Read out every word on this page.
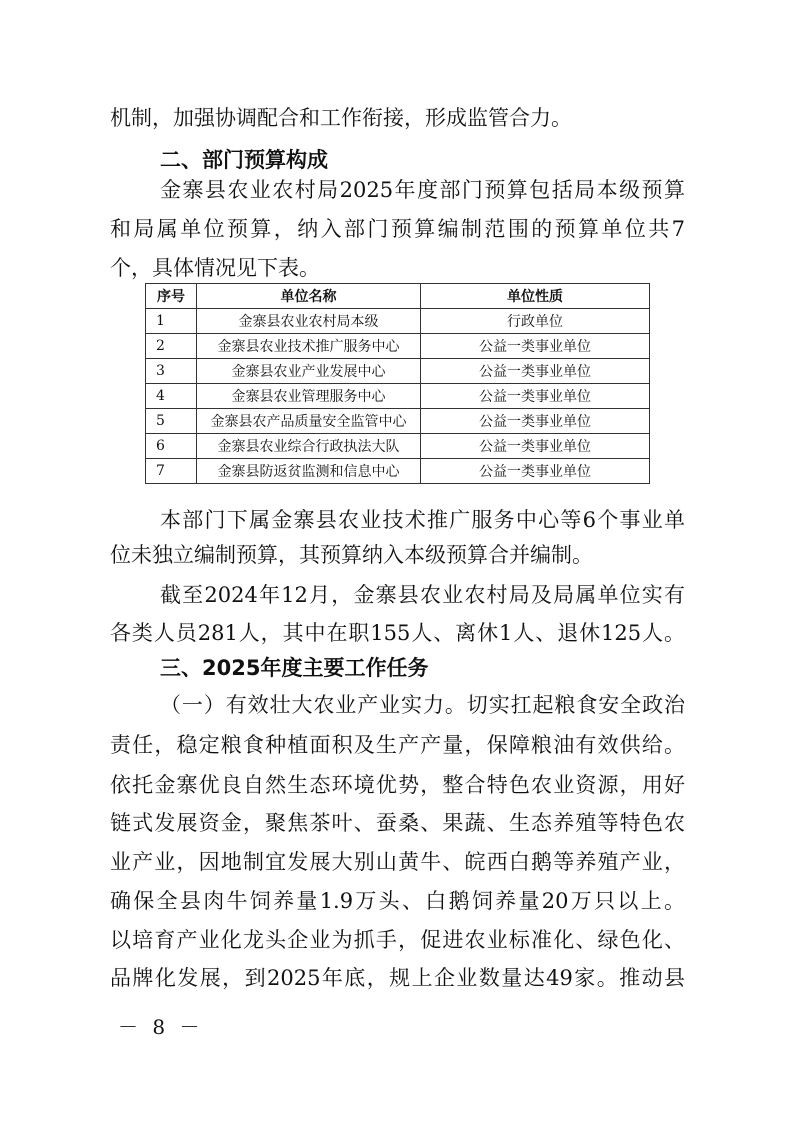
机制，加强协调配合和工作衔接，形成监管合力。
二、部门预算构成
金寨县农业农村局2025年度部门预算包括局本级预算
和局属单位预算，纳入部门预算编制范围的预算单位共7
个，具体情况见下表。
序号	单位名称	单位性质
1	金寨县农业农村局本级	行政单位
2	金寨县农业技术推广服务中心	公益一类事业单位
3	金寨县农业产业发展中心	公益一类事业单位
4	金寨县农业管理服务中心	公益一类事业单位
5	金寨县农产品质量安全监管中心	公益一类事业单位
6	金寨县农业综合行政执法大队	公益一类事业单位
7	金寨县防返贫监测和信息中心	公益一类事业单位
本部门下属金寨县农业技术推广服务中心等6个事业单
位未独立编制预算，其预算纳入本级预算合并编制。
截至2024年12月，金寨县农业农村局及局属单位实有
各类人员281人，其中在职155人、离休1人、退休125人。
三、2025年度主要工作任务
（一）有效壮大农业产业实力。切实扛起粮食安全政治
责任，稳定粮食种植面积及生产产量，保障粮油有效供给。
依托金寨优良自然生态环境优势，整合特色农业资源，用好
链式发展资金，聚焦茶叶、蚕桑、果蔬、生态养殖等特色农
业产业，因地制宜发展大别山黄牛、皖西白鹅等养殖产业，
确保全县肉牛饲养量1.9万头、白鹅饲养量20万只以上。
以培育产业化龙头企业为抓手，促进农业标准化、绿色化、
品牌化发展，到2025年底，规上企业数量达49家。推动县
－ 8 －
